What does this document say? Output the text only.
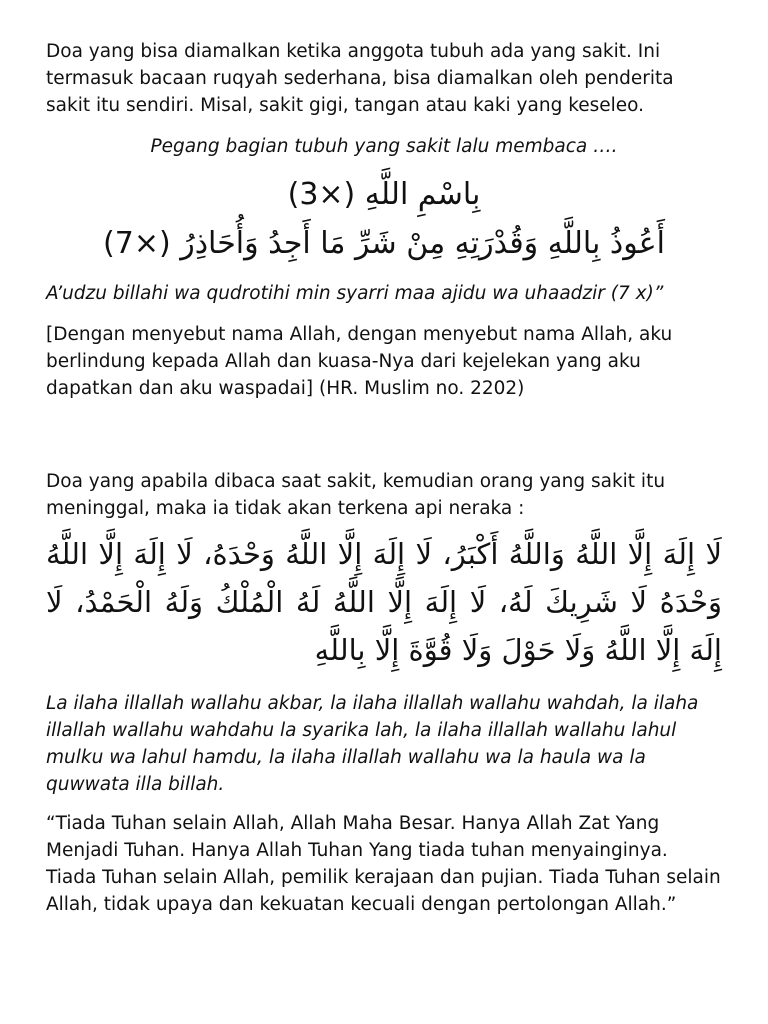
Doa yang bisa diamalkan ketika anggota tubuh ada yang sakit. Ini termasuk bacaan ruqyah sederhana, bisa diamalkan oleh penderita sakit itu sendiri. Misal, sakit gigi, tangan atau kaki yang keseleo.

Pegang bagian tubuh yang sakit lalu membaca ….

بِاسْمِ اللَّهِ (×3)

أَعُوذُ بِاللَّهِ وَقُدْرَتِهِ مِنْ شَرِّ مَا أَجِدُ وَأُحَاذِرُ (×7)

A’udzu billahi wa qudrotihi min syarri maa ajidu wa uhaadzir (7 x)”

[Dengan menyebut nama Allah, dengan menyebut nama Allah, aku berlindung kepada Allah dan kuasa-Nya dari kejelekan yang aku dapatkan dan aku waspadai] (HR. Muslim no. 2202)

Doa yang apabila dibaca saat sakit, kemudian orang yang sakit itu meninggal, maka ia tidak akan terkena api neraka :

لَا إِلَهَ إِلَّا اللَّهُ وَاللَّهُ أَكْبَرُ، لَا إِلَهَ إِلَّا اللَّهُ وَحْدَهُ، لَا إِلَهَ إِلَّا اللَّهُ وَحْدَهُ لَا شَرِيكَ لَهُ، لَا إِلَهَ إِلَّا اللَّهُ لَهُ الْمُلْكُ وَلَهُ الْحَمْدُ، لَا إِلَهَ إِلَّا اللَّهُ وَلَا حَوْلَ وَلَا قُوَّةَ إِلَّا بِاللَّهِ

La ilaha illallah wallahu akbar, la ilaha illallah wallahu wahdah, la ilaha illallah wallahu wahdahu la syarika lah, la ilaha illallah wallahu lahul mulku wa lahul hamdu, la ilaha illallah wallahu wa la haula wa la quwwata illa billah.

“Tiada Tuhan selain Allah, Allah Maha Besar. Hanya Allah Zat Yang Menjadi Tuhan. Hanya Allah Tuhan Yang tiada tuhan menyainginya. Tiada Tuhan selain Allah, pemilik kerajaan dan pujian. Tiada Tuhan selain Allah, tidak upaya dan kekuatan kecuali dengan pertolongan Allah.”
